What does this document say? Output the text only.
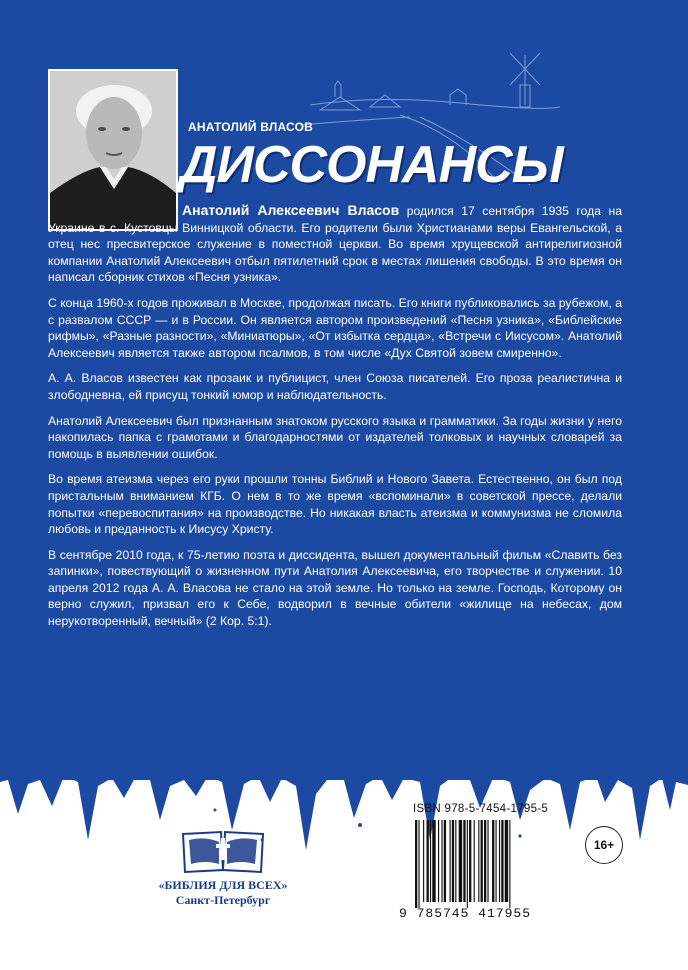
АНАТОЛИЙ ВЛАСОВ
ДИССОНАНСЫ

Анатолий Алексеевич Власов родился 17 сентября 1935 года на Украине в с. Кустовцы Винницкой области. Его родители были Христианами веры Евангельской, а отец нес пресвитерское служение в поместной церкви. Во время хрущевской антирелигиозной компании Анатолий Алексеевич отбыл пятилетний срок в местах лишения свободы. В это время он написал сборник стихов «Песня узника».

С конца 1960-х годов проживал в Москве, продолжая писать. Его книги публиковались за рубежом, а с развалом СССР — и в России. Он является автором произведений «Песня узника», «Библейские рифмы», «Разные разности», «Миниатюры», «От избытка сердца», «Встречи с Иисусом». Анатолий Алексеевич является также автором псалмов, в том числе «Дух Святой зовем смиренно».

А. А. Власов известен как прозаик и публицист, член Союза писателей. Его проза реалистична и злободневна, ей присущ тонкий юмор и наблюдательность.

Анатолий Алексеевич был признанным знатоком русского языка и грамматики. За годы жизни у него накопилась папка с грамотами и благодарностями от издателей толковых и научных словарей за помощь в выявлении ошибок.

Во время атеизма через его руки прошли тонны Библий и Нового Завета. Естественно, он был под пристальным вниманием КГБ. О нем в то же время «вспоминали» в советской прессе, делали попытки «перевоспитания» на производстве. Но никакая власть атеизма и коммунизма не сломила любовь и преданность к Иисусу Христу.

В сентябре 2010 года, к 75-летию поэта и диссидента, вышел документальный фильм «Славить без запинки», повествующий о жизненном пути Анатолия Алексеевича, его творчестве и служении. 10 апреля 2012 года А. А. Власова не стало на этой земле. Но только на земле. Господь, Которому он верно служил, призвал его к Себе, водворил в вечные обители «жилище на небесах, дом нерукотворенный, вечный» (2 Кор. 5:1).

«БИБЛИЯ ДЛЯ ВСЕХ»
Санкт-Петербург
ISBN 978-5-7454-1795-5
9 785745 417955
16+
